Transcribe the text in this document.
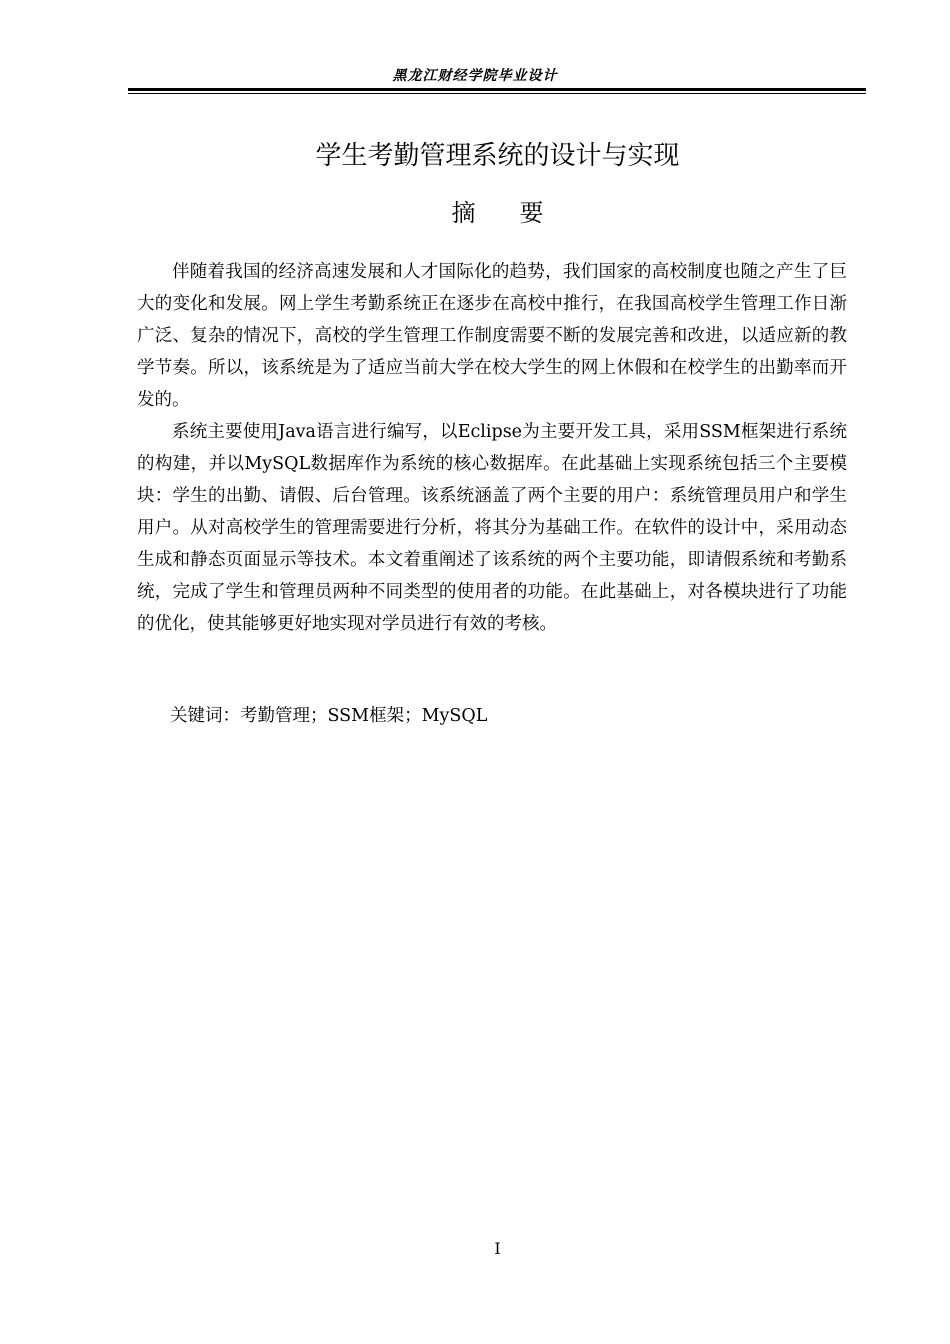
黑龙江财经学院毕业设计
学生考勤管理系统的设计与实现
摘要

伴随着我国的经济高速发展和人才国际化的趋势，我们国家的高校制度也随之产生了巨大的变化和发展。网上学生考勤系统正在逐步在高校中推行，在我国高校学生管理工作日渐广泛、复杂的情况下，高校的学生管理工作制度需要不断的发展完善和改进，以适应新的教学节奏。所以，该系统是为了适应当前大学在校大学生的网上休假和在校学生的出勤率而开发的。

系统主要使用Java语言进行编写，以Eclipse为主要开发工具，采用SSM框架进行系统的构建，并以MySQL数据库作为系统的核心数据库。在此基础上实现系统包括三个主要模块：学生的出勤、请假、后台管理。该系统涵盖了两个主要的用户：系统管理员用户和学生用户。从对高校学生的管理需要进行分析，将其分为基础工作。在软件的设计中，采用动态生成和静态页面显示等技术。本文着重阐述了该系统的两个主要功能，即请假系统和考勤系统，完成了学生和管理员两种不同类型的使用者的功能。在此基础上，对各模块进行了功能的优化，使其能够更好地实现对学员进行有效的考核。

关键词：考勤管理；SSM框架；MySQL
I
